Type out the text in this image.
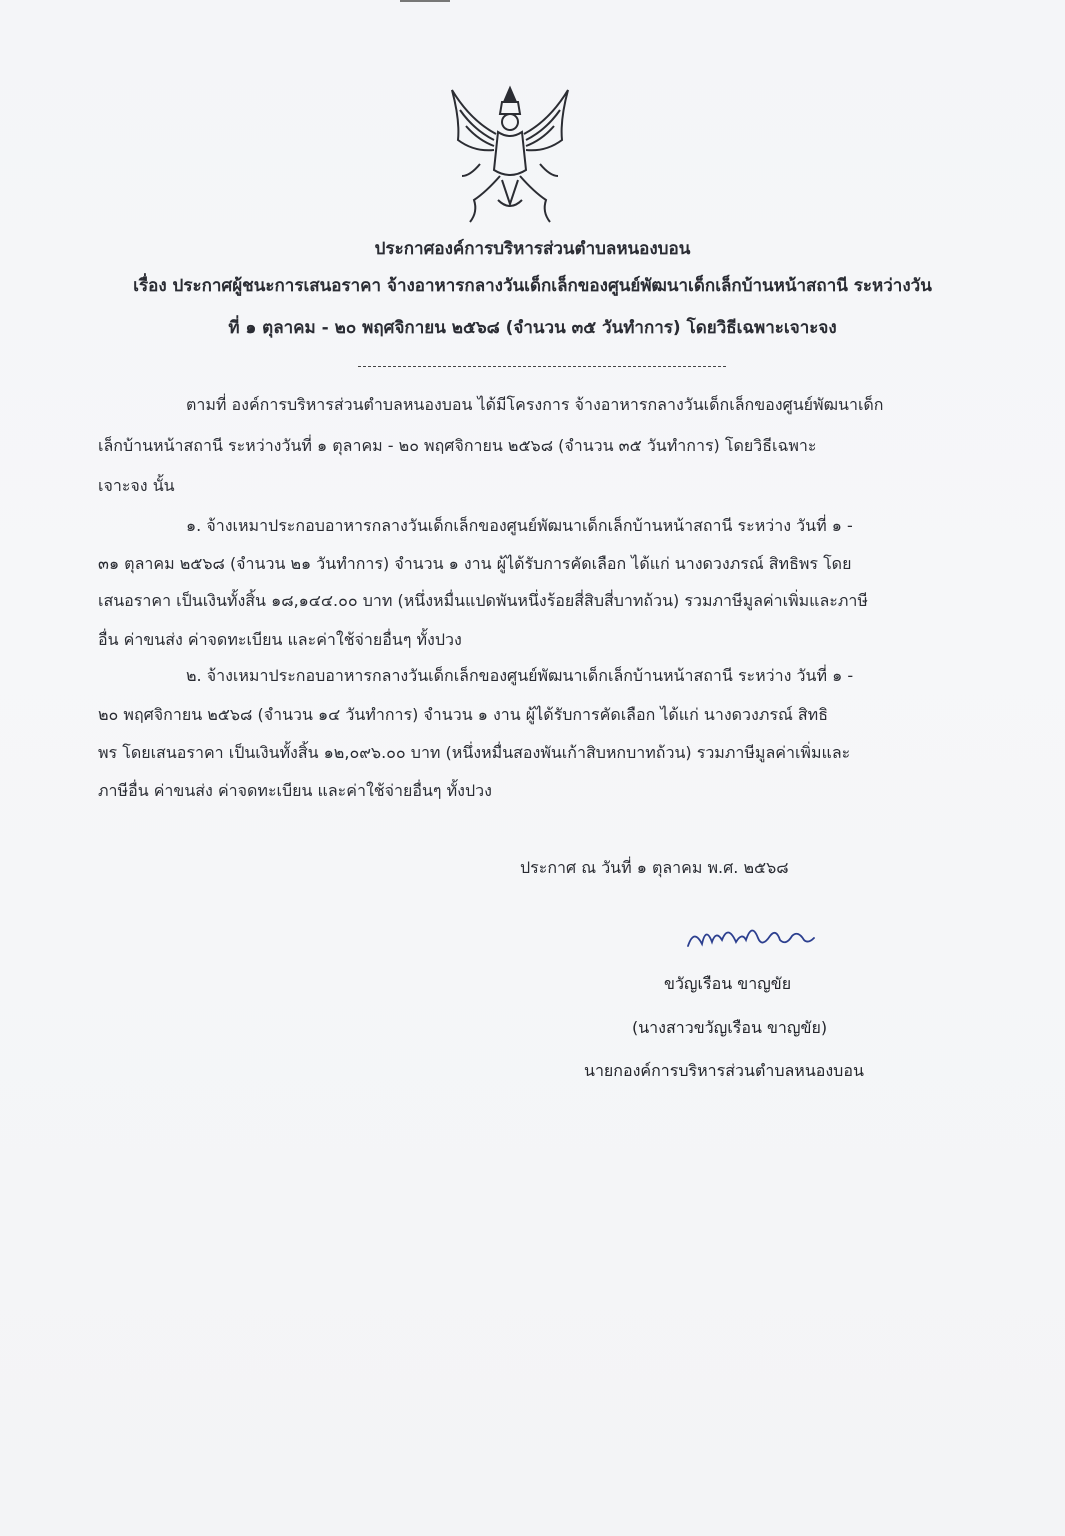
ประกาศองค์การบริหารส่วนตำบลหนองบอน
เรื่อง ประกาศผู้ชนะการเสนอราคา จ้างอาหารกลางวันเด็กเล็กของศูนย์พัฒนาเด็กเล็กบ้านหน้าสถานี ระหว่างวัน
ที่ ๑ ตุลาคม - ๒๐ พฤศจิกายน ๒๕๖๘ (จำนวน ๓๕ วันทำการ) โดยวิธีเฉพาะเจาะจง
ตามที่ องค์การบริหารส่วนตำบลหนองบอน ได้มีโครงการ จ้างอาหารกลางวันเด็กเล็กของศูนย์พัฒนาเด็ก
เล็กบ้านหน้าสถานี ระหว่างวันที่ ๑ ตุลาคม - ๒๐ พฤศจิกายน ๒๕๖๘ (จำนวน ๓๕ วันทำการ) โดยวิธีเฉพาะ
เจาะจง นั้น
๑. จ้างเหมาประกอบอาหารกลางวันเด็กเล็กของศูนย์พัฒนาเด็กเล็กบ้านหน้าสถานี ระหว่าง วันที่ ๑ -
๓๑ ตุลาคม ๒๕๖๘ (จำนวน ๒๑ วันทำการ) จำนวน ๑ งาน ผู้ได้รับการคัดเลือก ได้แก่ นางดวงภรณ์ สิทธิพร โดย
เสนอราคา เป็นเงินทั้งสิ้น ๑๘,๑๔๔.๐๐ บาท (หนึ่งหมื่นแปดพันหนึ่งร้อยสี่สิบสี่บาทถ้วน) รวมภาษีมูลค่าเพิ่มและภาษี
อื่น ค่าขนส่ง ค่าจดทะเบียน และค่าใช้จ่ายอื่นๆ ทั้งปวง
๒. จ้างเหมาประกอบอาหารกลางวันเด็กเล็กของศูนย์พัฒนาเด็กเล็กบ้านหน้าสถานี ระหว่าง วันที่ ๑ -
๒๐ พฤศจิกายน ๒๕๖๘ (จำนวน ๑๔ วันทำการ) จำนวน ๑ งาน ผู้ได้รับการคัดเลือก ได้แก่ นางดวงภรณ์ สิทธิ
พร โดยเสนอราคา เป็นเงินทั้งสิ้น ๑๒,๐๙๖.๐๐ บาท (หนึ่งหมื่นสองพันเก้าสิบหกบาทถ้วน) รวมภาษีมูลค่าเพิ่มและ
ภาษีอื่น ค่าขนส่ง ค่าจดทะเบียน และค่าใช้จ่ายอื่นๆ ทั้งปวง
ประกาศ ณ วันที่ ๑ ตุลาคม พ.ศ. ๒๕๖๘
ขวัญเรือน ขาญขัย
(นางสาวขวัญเรือน ขาญขัย)
นายกองค์การบริหารส่วนตำบลหนองบอน
